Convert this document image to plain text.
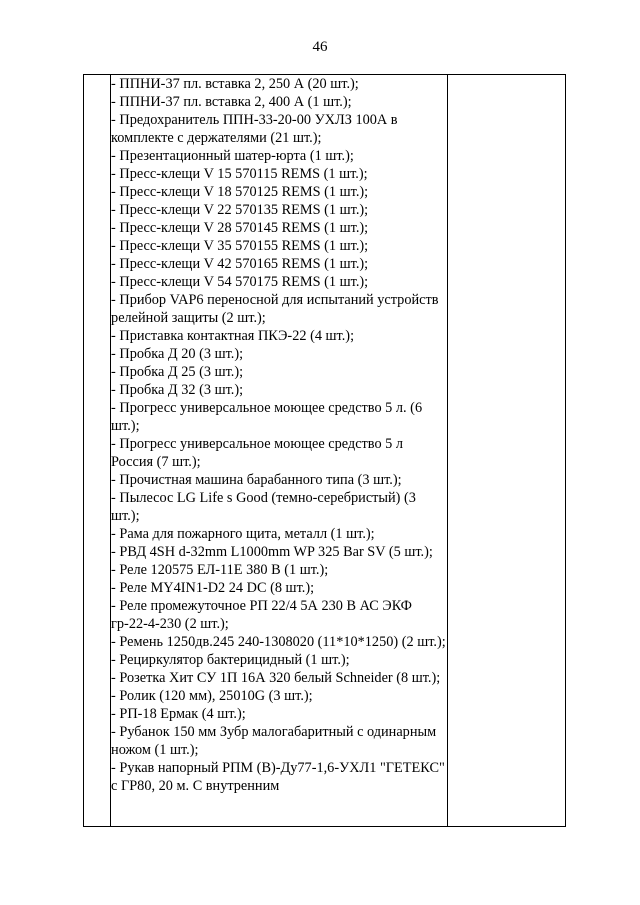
46

- ППНИ-37 пл. вставка 2, 250 А (20 шт.);
- ППНИ-37 пл. вставка 2, 400 А (1 шт.);
- Предохранитель ППН-33-20-00 УХЛЗ 100А в комплекте с держателями (21 шт.);
- Презентационный шатер-юрта (1 шт.);
- Пресс-клещи V 15 570115 REMS (1 шт.);
- Пресс-клещи V 18 570125 REMS (1 шт.);
- Пресс-клещи V 22 570135 REMS (1 шт.);
- Пресс-клещи V 28 570145 REMS (1 шт.);
- Пресс-клещи V 35 570155 REMS (1 шт.);
- Пресс-клещи V 42 570165 REMS (1 шт.);
- Пресс-клещи V 54 570175 REMS (1 шт.);
- Прибор VAP6 переносной для испытаний устройств релейной защиты (2 шт.);
- Приставка контактная ПКЭ-22 (4 шт.);
- Пробка Д 20 (3 шт.);
- Пробка Д 25 (3 шт.);
- Пробка Д 32 (3 шт.);
- Прогресс универсальное моющее средство 5 л. (6 шт.);
- Прогресс универсальное моющее средство 5 л Россия (7 шт.);
- Прочистная машина барабанного типа (3 шт.);
- Пылесос LG Life s Good (темно-серебристый) (3 шт.);
- Рама для пожарного щита, металл (1 шт.);
- РВД 4SH d-32mm L1000mm WP 325 Bar SV (5 шт.);
- Реле 120575 ЕЛ-11Е 380 В (1 шт.);
- Реле MY4IN1-D2 24 DC (8 шт.);
- Реле промежуточное РП 22/4 5А 230 В АС ЭКФ гр-22-4-230 (2 шт.);
- Ремень 1250дв.245 240-1308020 (11*10*1250) (2 шт.);
- Рециркулятор бактерицидный (1 шт.);
- Розетка Хит СУ 1П 16А 320 белый Schneider (8 шт.);
- Ролик (120 мм), 25010G (3 шт.);
- РП-18 Ермак (4 шт.);
- Рубанок 150 мм Зубр малогабаритный с одинарным ножом (1 шт.);
- Рукав напорный РПМ (В)-Ду77-1,6-УХЛ1 "ГЕТЕКС" с ГР80, 20 м. С внутренним
